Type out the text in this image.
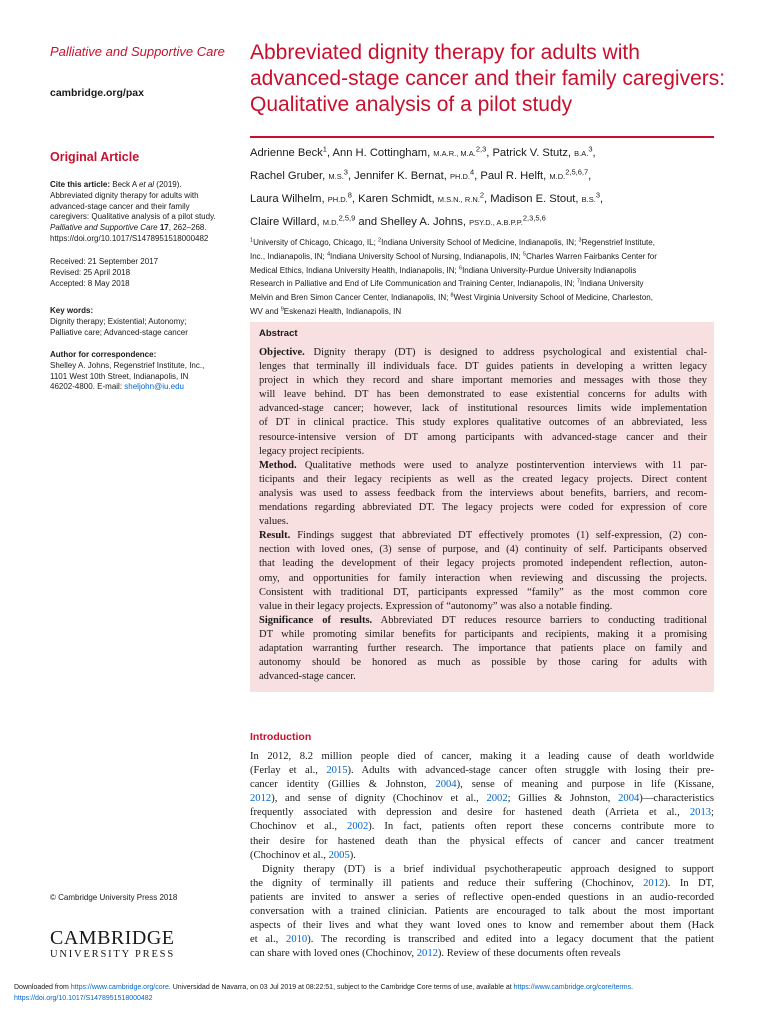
Palliative and Supportive Care
cambridge.org/pax
Original Article
Cite this article: Beck A et al (2019).
Abbreviated dignity therapy for adults with
advanced-stage cancer and their family
caregivers: Qualitative analysis of a pilot study.
Palliative and Supportive Care 17, 262–268.
https://doi.org/10.1017/S1478951518000482
Received: 21 September 2017
Revised: 25 April 2018
Accepted: 8 May 2018
Key words:
Dignity therapy; Existential; Autonomy;
Palliative care; Advanced-stage cancer
Author for correspondence:
Shelley A. Johns, Regenstrief Institute, Inc.,
1101 West 10th Street, Indianapolis, IN
46202-4800. E-mail: sheljohn@iu.edu
© Cambridge University Press 2018
CAMBRIDGE
UNIVERSITY PRESS
Abbreviated dignity therapy for adults with advanced-stage cancer and their family caregivers: Qualitative analysis of a pilot study
Adrienne Beck$^1$, Ann H. Cottingham, M.A.R., M.A.$^{2,3}$, Patrick V. Stutz, B.A.$^3$,
Rachel Gruber, M.S.$^3$, Jennifer K. Bernat, PH.D.$^4$, Paul R. Helft, M.D.$^{2,5,6,7}$,
Laura Wilhelm, PH.D.$^8$, Karen Schmidt, M.S.N., R.N.$^2$, Madison E. Stout, B.S.$^3$,
Claire Willard, M.D.$^{2,5,9}$ and Shelley A. Johns, PSY.D., A.B.P.P.$^{2,3,5,6}$
$^1$University of Chicago, Chicago, IL; $^2$Indiana University School of Medicine, Indianapolis, IN; $^3$Regenstrief Institute,
Inc., Indianapolis, IN; $^4$Indiana University School of Nursing, Indianapolis, IN; $^5$Charles Warren Fairbanks Center for
Medical Ethics, Indiana University Health, Indianapolis, IN; $^6$Indiana University-Purdue University Indianapolis
Research in Palliative and End of Life Communication and Training Center, Indianapolis, IN; $^7$Indiana University
Melvin and Bren Simon Cancer Center, Indianapolis, IN; $^8$West Virginia University School of Medicine, Charleston,
WV and $^9$Eskenazi Health, Indianapolis, IN
Abstract
Objective. Dignity therapy (DT) is designed to address psychological and existential chal-
lenges that terminally ill individuals face. DT guides patients in developing a written legacy
project in which they record and share important memories and messages with those they
will leave behind. DT has been demonstrated to ease existential concerns for adults with
advanced-stage cancer; however, lack of institutional resources limits wide implementation
of DT in clinical practice. This study explores qualitative outcomes of an abbreviated, less
resource-intensive version of DT among participants with advanced-stage cancer and their
legacy project recipients.
Method. Qualitative methods were used to analyze postintervention interviews with 11 par-
ticipants and their legacy recipients as well as the created legacy projects. Direct content
analysis was used to assess feedback from the interviews about benefits, barriers, and recom-
mendations regarding abbreviated DT. The legacy projects were coded for expression of core
values.
Result. Findings suggest that abbreviated DT effectively promotes (1) self-expression, (2) con-
nection with loved ones, (3) sense of purpose, and (4) continuity of self. Participants observed
that leading the development of their legacy projects promoted independent reflection, auton-
omy, and opportunities for family interaction when reviewing and discussing the projects.
Consistent with traditional DT, participants expressed “family” as the most common core
value in their legacy projects. Expression of “autonomy” was also a notable finding.
Significance of results. Abbreviated DT reduces resource barriers to conducting traditional
DT while promoting similar benefits for participants and recipients, making it a promising
adaptation warranting further research. The importance that patients place on family and
autonomy should be honored as much as possible by those caring for adults with
advanced-stage cancer.
Introduction
In 2012, 8.2 million people died of cancer, making it a leading cause of death worldwide
(Ferlay et al., 2015). Adults with advanced-stage cancer often struggle with losing their pre-
cancer identity (Gillies & Johnston, 2004), sense of meaning and purpose in life (Kissane,
2012), and sense of dignity (Chochinov et al., 2002; Gillies & Johnston, 2004)—characteristics
frequently associated with depression and desire for hastened death (Arrieta et al., 2013;
Chochinov et al., 2002). In fact, patients often report these concerns contribute more to
their desire for hastened death than the physical effects of cancer and cancer treatment
(Chochinov et al., 2005).
Dignity therapy (DT) is a brief individual psychotherapeutic approach designed to support
the dignity of terminally ill patients and reduce their suffering (Chochinov, 2012). In DT,
patients are invited to answer a series of reflective open-ended questions in an audio-recorded
conversation with a trained clinician. Patients are encouraged to talk about the most important
aspects of their lives and what they want loved ones to know and remember about them (Hack
et al., 2010). The recording is transcribed and edited into a legacy document that the patient
can share with loved ones (Chochinov, 2012). Review of these documents often reveals
Downloaded from https://www.cambridge.org/core. Universidad de Navarra, on 03 Jul 2019 at 08:22:51, subject to the Cambridge Core terms of use, available at https://www.cambridge.org/core/terms.
https://doi.org/10.1017/S1478951518000482
